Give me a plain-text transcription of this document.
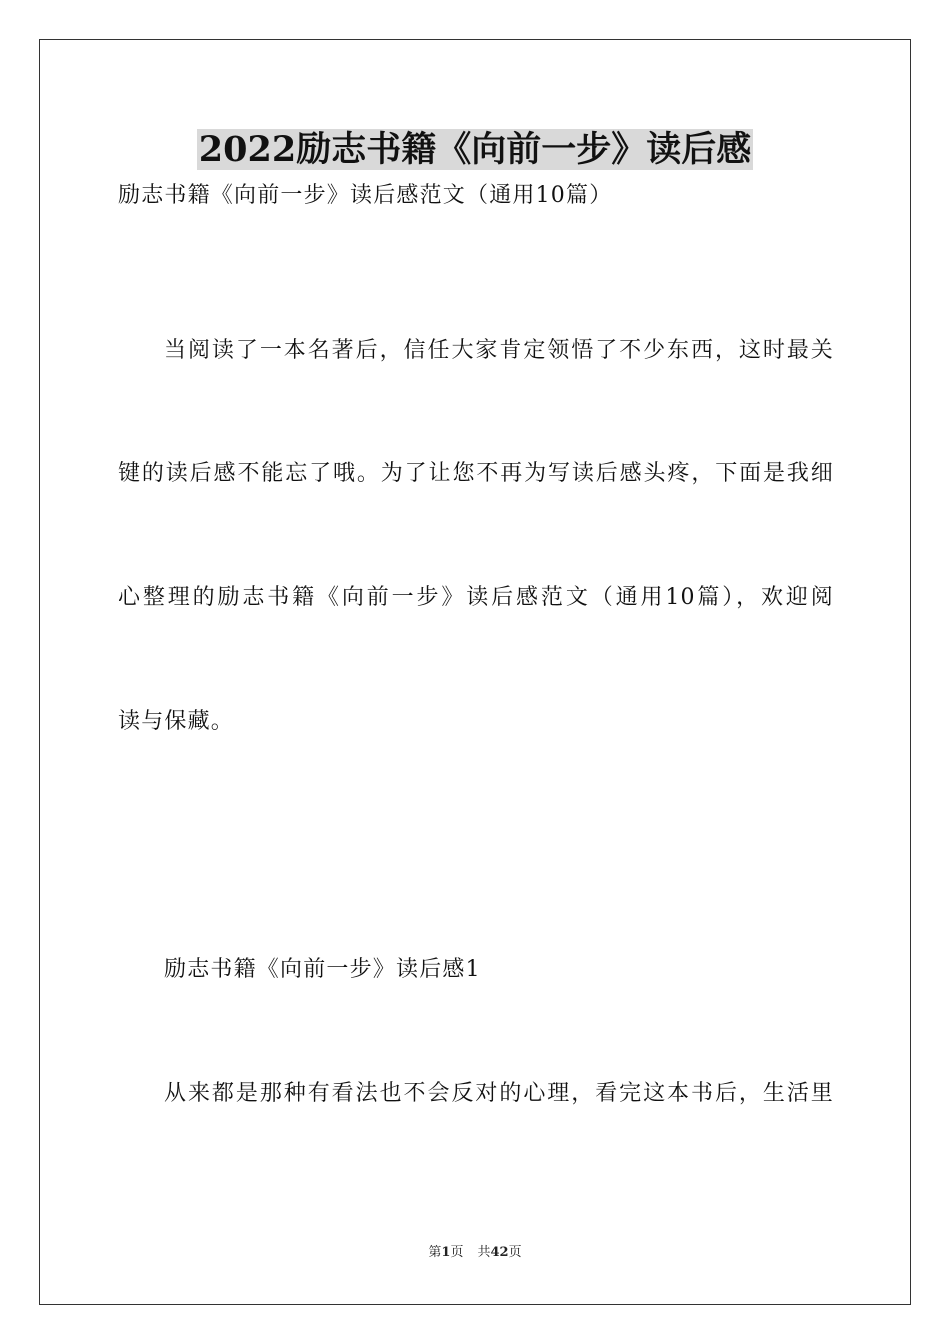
2022励志书籍《向前一步》读后感

励志书籍《向前一步》读后感范文（通用10篇）

当阅读了一本名著后，信任大家肯定领悟了不少东西，这时最关

键的读后感不能忘了哦。为了让您不再为写读后感头疼，下面是我细

心整理的励志书籍《向前一步》读后感范文（通用10篇），欢迎阅

读与保藏。

励志书籍《向前一步》读后感1

从来都是那种有看法也不会反对的心理，看完这本书后，生活里

第1页 共42页
